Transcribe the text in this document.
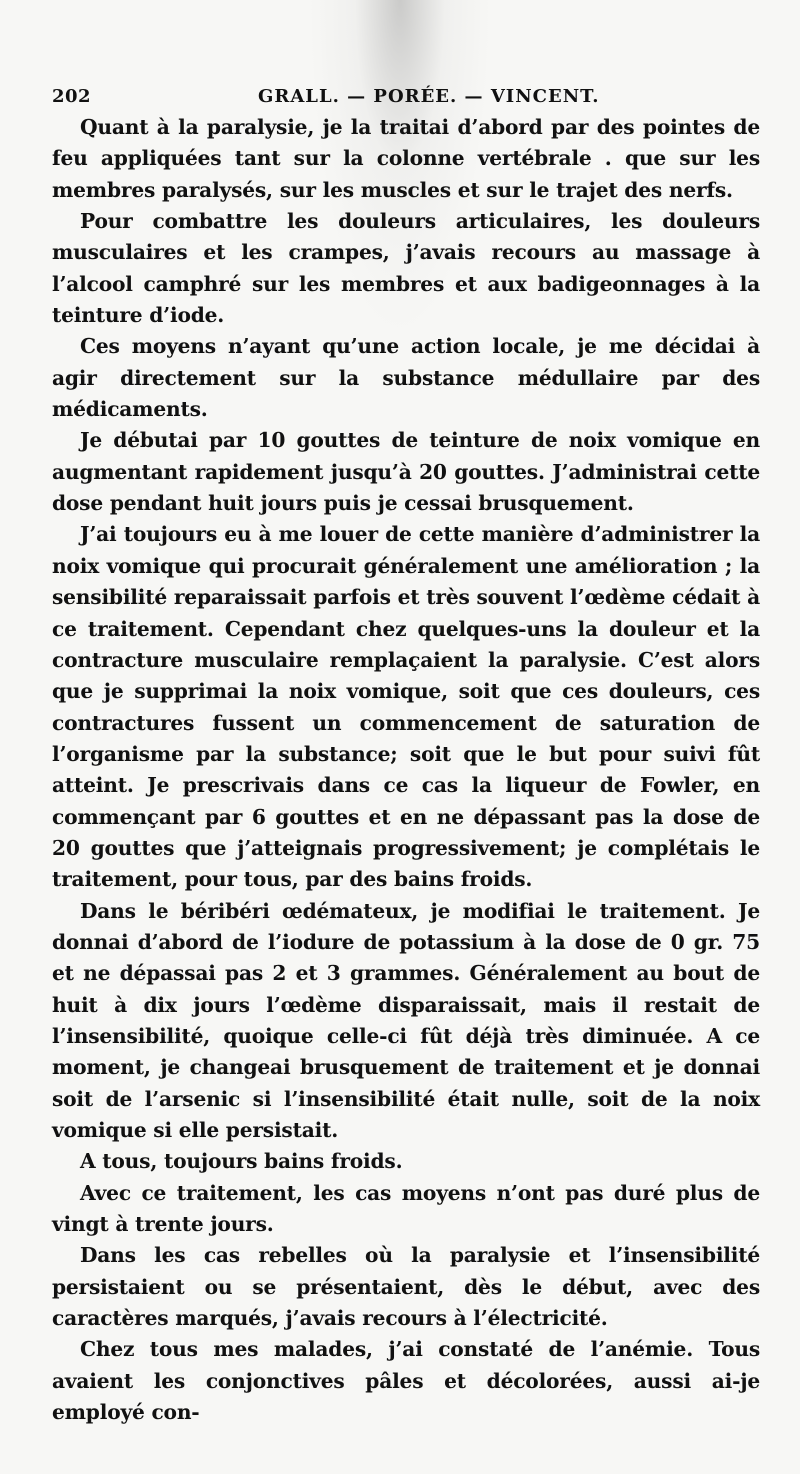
202	GRALL. — PORÉE. — VINCENT.

Quant à la paralysie, je la traitai d’abord par des pointes de feu appliquées tant sur la colonne vertébrale . que sur les membres paralysés, sur les muscles et sur le trajet des nerfs.

Pour combattre les douleurs articulaires, les douleurs musculaires et les crampes, j’avais recours au massage à l’alcool camphré sur les membres et aux badigeonnages à la teinture d’iode.

Ces moyens n’ayant qu’une action locale, je me décidai à agir directement sur la substance médullaire par des médicaments.

Je débutai par 10 gouttes de teinture de noix vomique en augmentant rapidement jusqu’à 20 gouttes. J’administrai cette dose pendant huit jours puis je cessai brusquement.

J’ai toujours eu à me louer de cette manière d’administrer la noix vomique qui procurait généralement une amélioration ; la sensibilité reparaissait parfois et très souvent l’œdème cédait à ce traitement. Cependant chez quelques-uns la douleur et la contracture musculaire remplaçaient la paralysie. C’est alors que je supprimai la noix vomique, soit que ces douleurs, ces contractures fussent un commencement de saturation de l’organisme par la substance; soit que le but pour suivi fût atteint. Je prescrivais dans ce cas la liqueur de Fowler, en commençant par 6 gouttes et en ne dépassant pas la dose de 20 gouttes que j’atteignais progressivement; je complétais le traitement, pour tous, par des bains froids.

Dans le béribéri œdémateux, je modifiai le traitement. Je donnai d’abord de l’iodure de potassium à la dose de 0 gr. 75 et ne dépassai pas 2 et 3 grammes. Généralement au bout de huit à dix jours l’œdème disparaissait, mais il restait de l’insensibilité, quoique celle-ci fût déjà très diminuée. A ce moment, je changeai brusquement de traitement et je donnai soit de l’arsenic si l’insensibilité était nulle, soit de la noix vomique si elle persistait.

A tous, toujours bains froids.

Avec ce traitement, les cas moyens n’ont pas duré plus de vingt à trente jours.

Dans les cas rebelles où la paralysie et l’insensibilité persistaient ou se présentaient, dès le début, avec des caractères marqués, j’avais recours à l’électricité.

Chez tous mes malades, j’ai constaté de l’anémie. Tous avaient les conjonctives pâles et décolorées, aussi ai-je employé con-
